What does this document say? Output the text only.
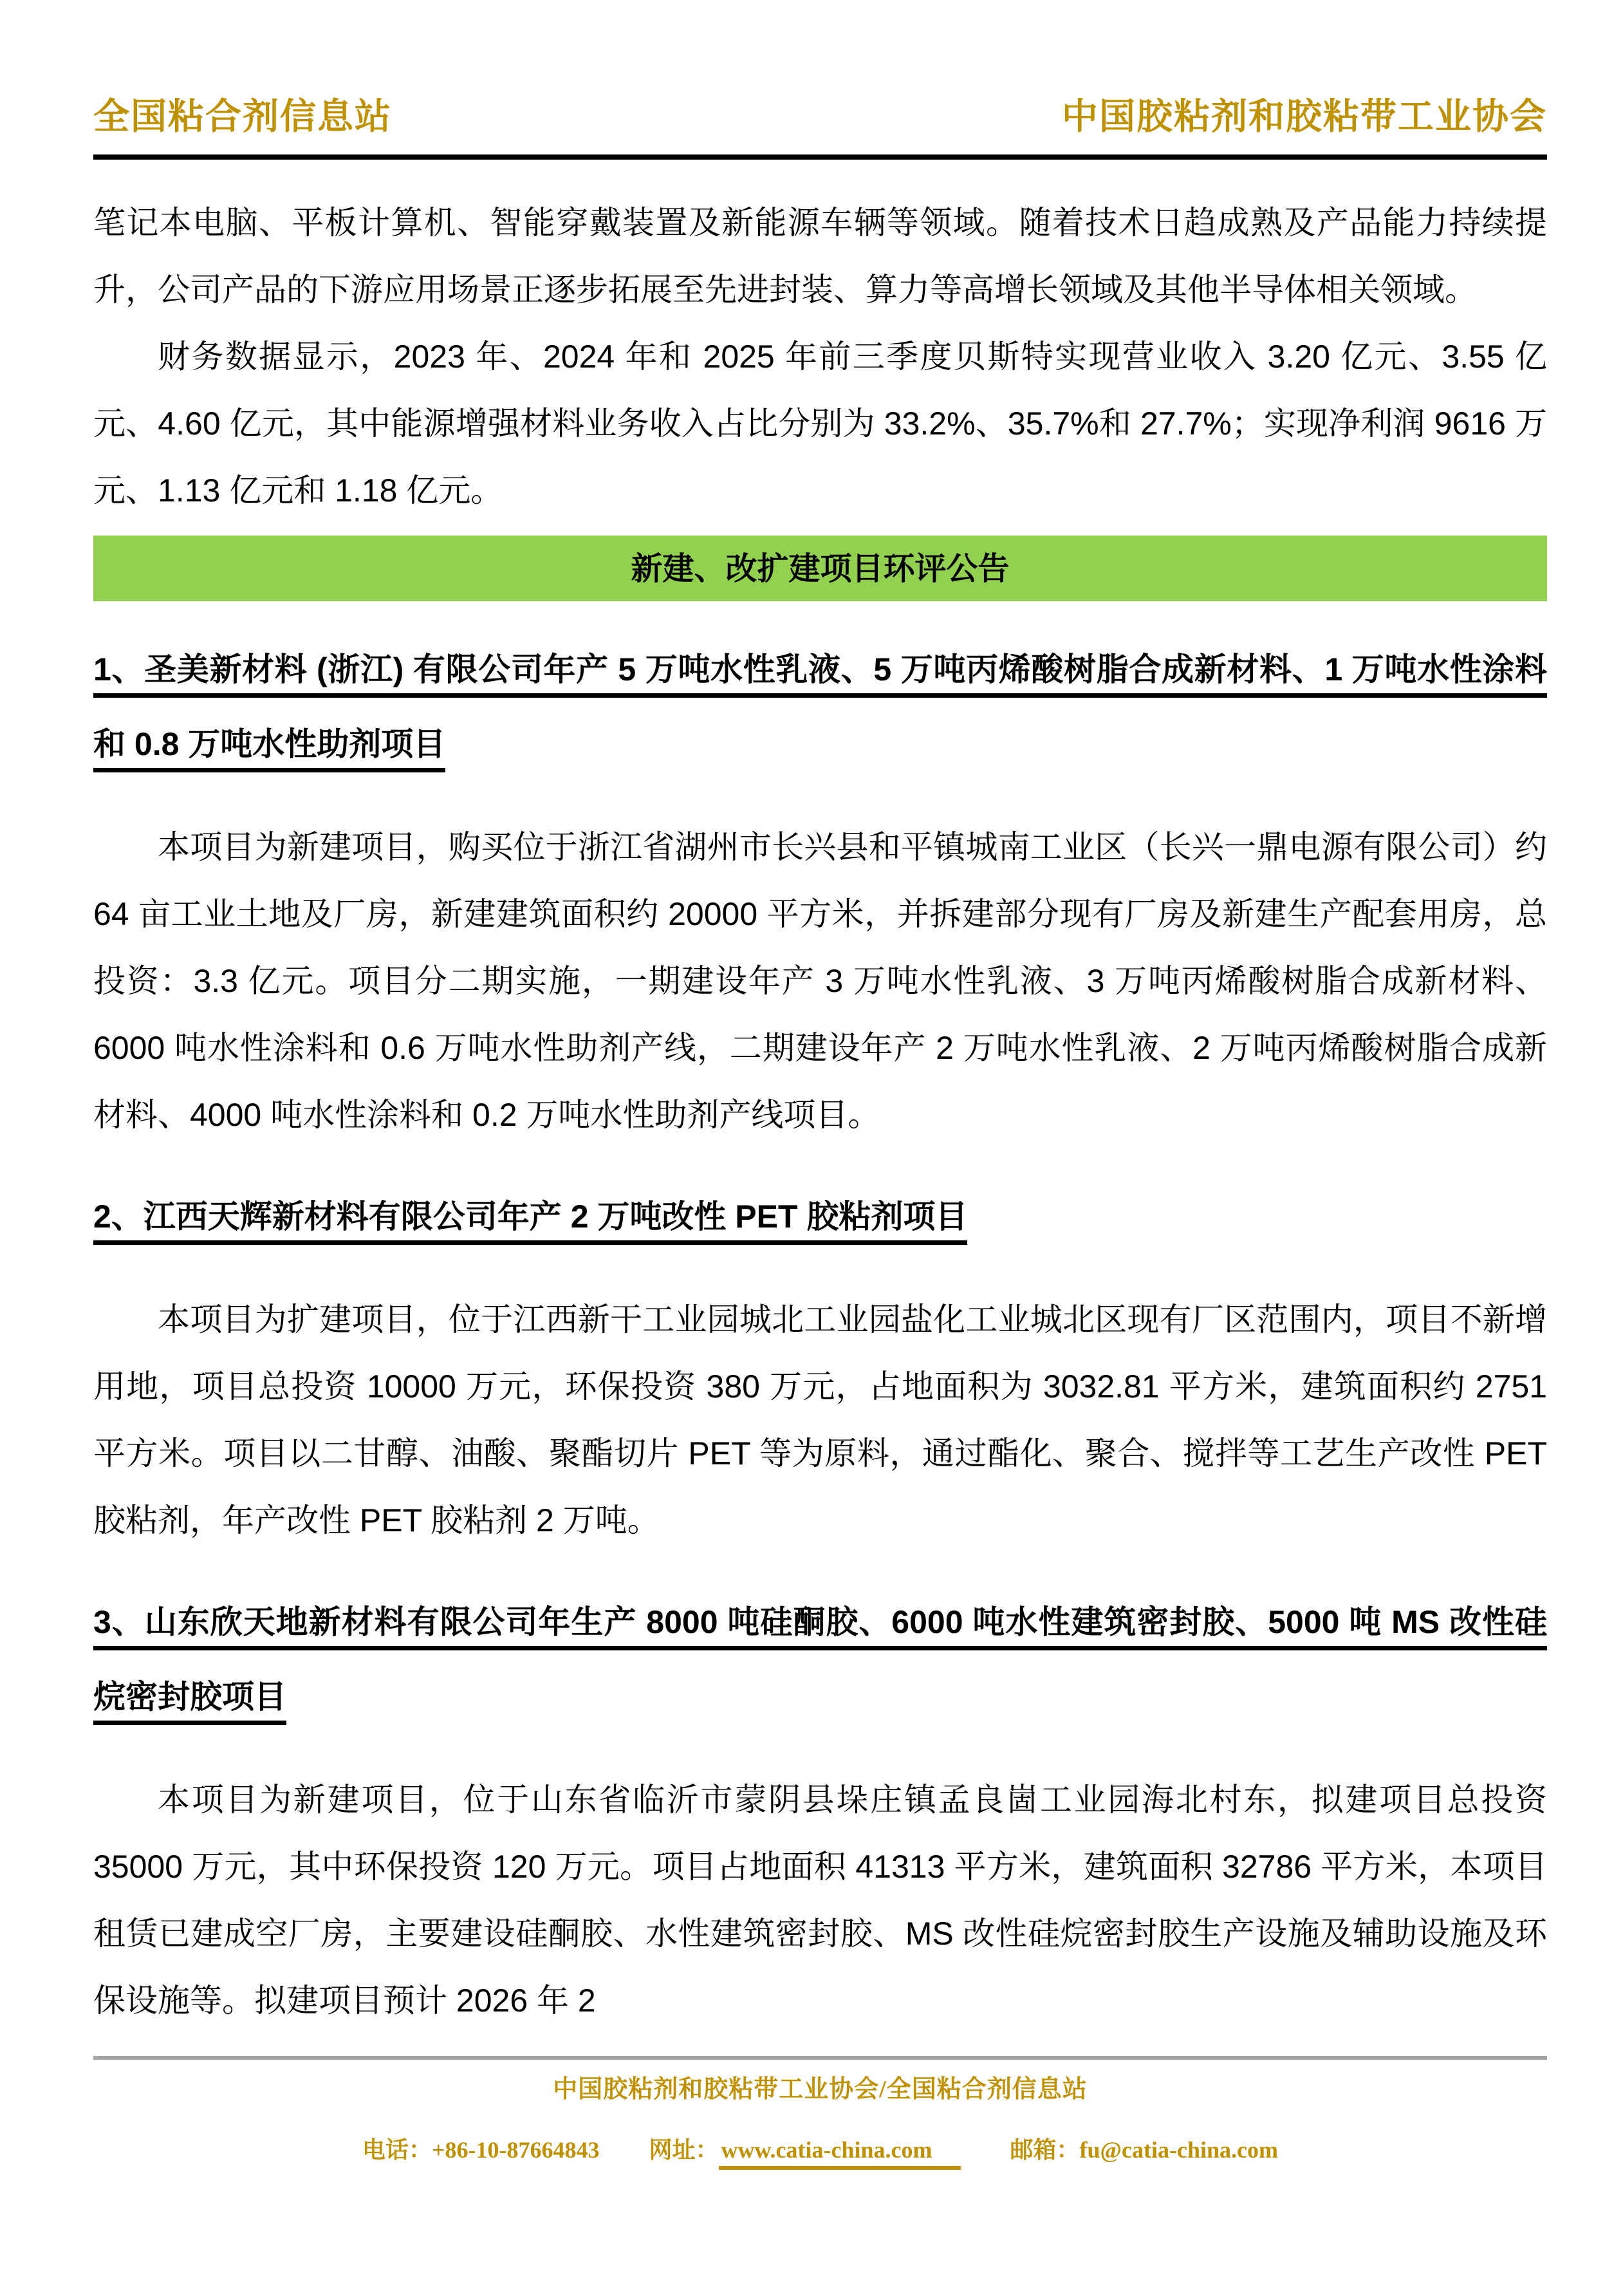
全国粘合剂信息站	中国胶粘剂和胶粘带工业协会

笔记本电脑、平板计算机、智能穿戴装置及新能源车辆等领域。随着技术日趋成熟及产品能力持续提升，公司产品的下游应用场景正逐步拓展至先进封装、算力等高增长领域及其他半导体相关领域。

财务数据显示，2023 年、2024 年和 2025 年前三季度贝斯特实现营业收入 3.20 亿元、3.55 亿元、4.60 亿元，其中能源增强材料业务收入占比分别为 33.2%、35.7%和 27.7%；实现净利润 9616 万元、1.13 亿元和 1.18 亿元。

新建、改扩建项目环评公告

1、圣美新材料 (浙江) 有限公司年产 5 万吨水性乳液、5 万吨丙烯酸树脂合成新材料、1 万吨水性涂料和 0.8 万吨水性助剂项目

本项目为新建项目，购买位于浙江省湖州市长兴县和平镇城南工业区（长兴一鼎电源有限公司）约 64 亩工业土地及厂房，新建建筑面积约 20000 平方米，并拆建部分现有厂房及新建生产配套用房，总投资：3.3 亿元。项目分二期实施，一期建设年产 3 万吨水性乳液、3 万吨丙烯酸树脂合成新材料、6000 吨水性涂料和 0.6 万吨水性助剂产线，二期建设年产 2 万吨水性乳液、2 万吨丙烯酸树脂合成新材料、4000 吨水性涂料和 0.2 万吨水性助剂产线项目。

2、江西天辉新材料有限公司年产 2 万吨改性 PET 胶粘剂项目

本项目为扩建项目，位于江西新干工业园城北工业园盐化工业城北区现有厂区范围内，项目不新增用地，项目总投资 10000 万元，环保投资 380 万元，占地面积为 3032.81 平方米，建筑面积约 2751 平方米。项目以二甘醇、油酸、聚酯切片 PET 等为原料，通过酯化、聚合、搅拌等工艺生产改性 PET 胶粘剂，年产改性 PET 胶粘剂 2 万吨。

3、山东欣天地新材料有限公司年生产 8000 吨硅酮胶、6000 吨水性建筑密封胶、5000 吨 MS 改性硅烷密封胶项目

本项目为新建项目，位于山东省临沂市蒙阴县垛庄镇孟良崮工业园海北村东，拟建项目总投资 35000 万元，其中环保投资 120 万元。项目占地面积 41313 平方米，建筑面积 32786 平方米，本项目租赁已建成空厂房，主要建设硅酮胶、水性建筑密封胶、MS 改性硅烷密封胶生产设施及辅助设施及环保设施等。拟建项目预计 2026 年 2

中国胶粘剂和胶粘带工业协会/全国粘合剂信息站
电话：+86-10-87664843 网址： www.catia-china.com	邮箱：fu@catia-china.com
